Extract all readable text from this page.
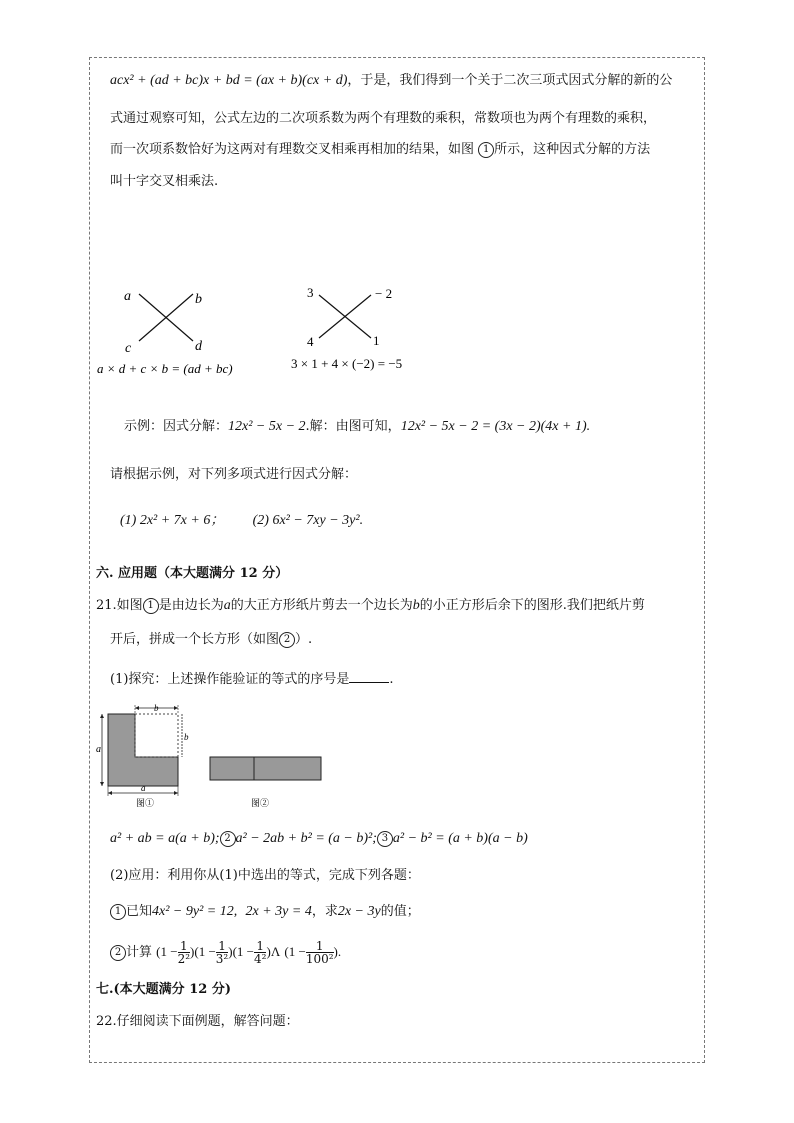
acx² + (ad + bc)x + bd = (ax + b)(cx + d)，于是，我们得到一个关于二次三项式因式分解的新的公
式通过观察可知，公式左边的二次项系数为两个有理数的乘积，常数项也为两个有理数的乘积，
而一次项系数恰好为这两对有理数交叉相乘再相加的结果，如图 1 所示，这种因式分解的方法
叫十字交叉相乘法.
a	b
c	d
a × d + c × b = (ad + bc)
3	− 2
4	1
3 × 1 + 4 × (−2) = −5
示例：因式分解：12x² − 5x − 2.解：由图可知，12x² − 5x − 2 = (3x − 2)(4x + 1).
请根据示例，对下列多项式进行因式分解：
(1) 2x² + 7x + 6； (2) 6x² − 7xy − 3y².
六. 应用题（本大题满分 12 分）
21.如图 1 是由边长为a的大正方形纸片剪去一个边长为b的小正方形后余下的图形.我们把纸片剪
开后，拼成一个长方形（如图 2 ）.
(1)探究：上述操作能验证的等式的序号是	.
b
b
a
a
图①	图②
a² + ab = a(a + b); 2 a² − 2ab + b² = (a − b)²; 3 a² − b² = (a + b)(a − b)
(2)应用：利用你从(1)中选出的等式，完成下列各题：
1 已知4x² − 9y² = 12, 2x + 3y = 4，求2x − 3y的值；
2 计算 $(1 - \frac{1}{\text{2²}} )(1 - \frac{1}{\text{3²}} )(1 - \frac{1}{\text{4²}} )\Lambda$ ($1 - \frac{1}{\text{100²}}$ ).
七.(本大题满分 12 分)
22.仔细阅读下面例题，解答问题：
